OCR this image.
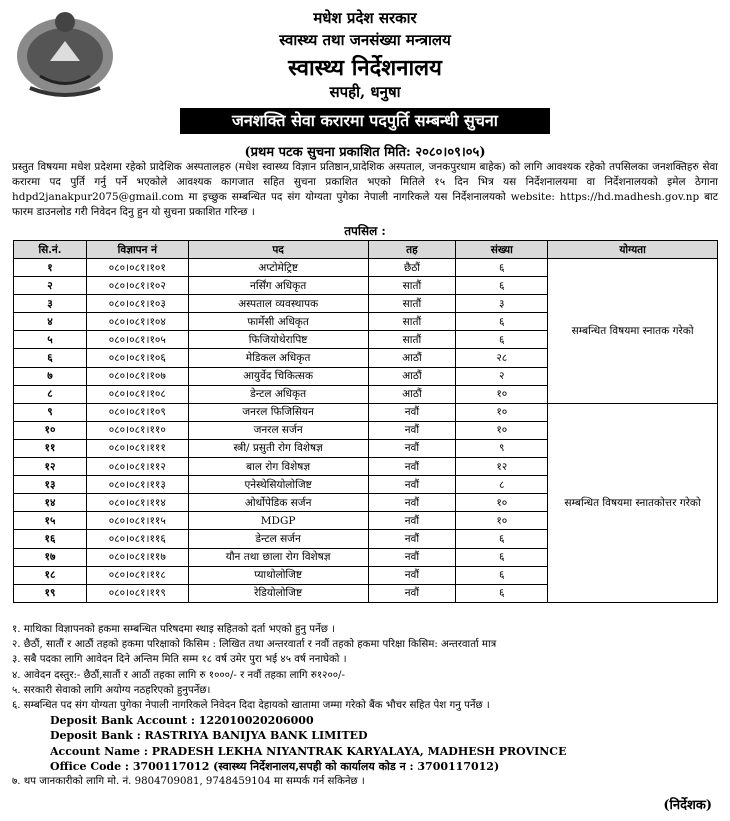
मधेश प्रदेश सरकार
स्वास्थ्य तथा जनसंख्या मन्त्रालय
स्वास्थ्य निर्देशनालय
सपही, धनुषा
जनशक्ति सेवा करारमा पदपुर्ति सम्बन्धी सुचना
(प्रथम पटक सुचना प्रकाशित मिति: २०८०।०९।०५)
प्रस्तुत विषयमा मधेश प्रदेशमा रहेको प्रादेशिक अस्पतालहरु (मधेश स्वास्थ्य विज्ञान प्रतिष्ठान,प्रादेशिक अस्पताल, जनकपुरधाम बाहेक) को लागि आवश्यक रहेको तपसिलका जनशक्तिहरु सेवा करारमा पद पुर्ति गर्नु पर्ने भएकोले आवश्यक कागजात सहित सुचना प्रकाशित भएको मितिले १५ दिन भित्र यस निर्देशनालयमा वा निर्देशनालयको इमेल ठेगाना hdpd2janakpur2075@gmail.com मा इच्छुक सम्बन्धित पद संग योग्यता पुगेका नेपाली नागरिकले यस निर्देशनालयको website: https://hd.madhesh.gov.np बाट फारम डाउनलोड गरी निवेदन दिनु हुन यो सुचना प्रकाशित गरिन्छ ।
तपसिल :
सि.नं.	विज्ञापन नं	पद	तह	संख्या	योग्यता
१	०८०।०८१।१०१	अप्टोमेट्रिष्ट	छैठौं	६	सम्बन्धित विषयमा स्नातक गरेको
२	०८०।०८१।१०२	नर्सिंग अधिकृत	सातौं	६	
३	०८०।०८१।१०३	अस्पताल व्यवस्थापक	सातौं	३	
४	०८०।०८१।१०४	फार्मेसी अधिकृत	सातौं	६	
५	०८०।०८१।१०५	फिजियोथेरापिष्ट	सातौं	६	
६	०८०।०८१।१०६	मेडिकल अधिकृत	आठौं	२८	
७	०८०।०८१।१०७	आयुर्वेद चिकित्सक	आठौं	२	
८	०८०।०८१।१०८	डेन्टल अधिकृत	आठौं	१०	
९	०८०।०८१।१०९	जनरल फिजिसियन	नवौं	१०	सम्बन्धित विषयमा स्नातकोत्तर गरेको
१०	०८०।०८१।११०	जनरल सर्जन	नवौं	१०	
११	०८०।०८१।१११	स्त्री/ प्रसुती रोग विशेषज्ञ	नवौं	९	
१२	०८०।०८१।११२	बाल रोग विशेषज्ञ	नवौं	१२	
१३	०८०।०८१।११३	एनेस्थेसियोलोजिष्ट	नवौं	८	
१४	०८०।०८१।११४	ओर्थोपेडिक सर्जन	नवौं	१०	
१५	०८०।०८१।११५	MDGP	नवौं	१०	
१६	०८०।०८१।११६	डेन्टल सर्जन	नवौं	६	
१७	०८०।०८१।११७	यौन तथा छाला रोग विशेषज्ञ	नवौं	६	
१८	०८०।०८१।११८	प्याथोलोजिष्ट	नवौं	६	
१९	०८०।०८१।११९	रेडियोलोजिष्ट	नवौं	६	
१. माथिका विज्ञापनको हकमा सम्बन्धित परिषदमा स्थाइ सहितको दर्ता भएको हुनु पर्नेछ ।
२. छैठौं, सातौं र आठौं तहको हकमा परिक्षाको किसिम : लिखित तथा अन्तरवार्ता र नवौं तहको हकमा परिक्षा किसिम: अन्तरवार्ता मात्र
३. सबै पदका लागि आवेदन दिने अन्तिम मिति सम्म १८ वर्ष उमेर पुरा भई ४५ वर्ष ननाघेको ।
४. आवेदन दस्तुर:- छैठौं,सातौं र आठौं तहका लागि रु १०००/- र नवौं तहका लागि रु१२००/-
५. सरकारी सेवाको लागि अयोग्य नठहरिएको हुनुपर्नेछ।
६. सम्बन्धित पद संग योग्यता पुगेका नेपाली नागरिकले निवेदन दिदा देहायको खातामा जम्मा गरेको बैंक भौचर सहित पेश गनु पर्नेछ ।
Deposit Bank Account : 122010020206000
Deposit Bank : RASTRIYA BANIJYA BANK LIMITED
Account Name : PRADESH LEKHA NIYANTRAK KARYALAYA, MADHESH PROVINCE
Office Code : 3700117012 (स्वास्थ्य निर्देशनालय,सपही को कार्यालय कोड न : 3700117012)
७. थप जानकारीको लागि मो. नं. 9804709081, 9748459104 मा सम्पर्क गर्न सकिनेछ ।
(निर्देशक)
